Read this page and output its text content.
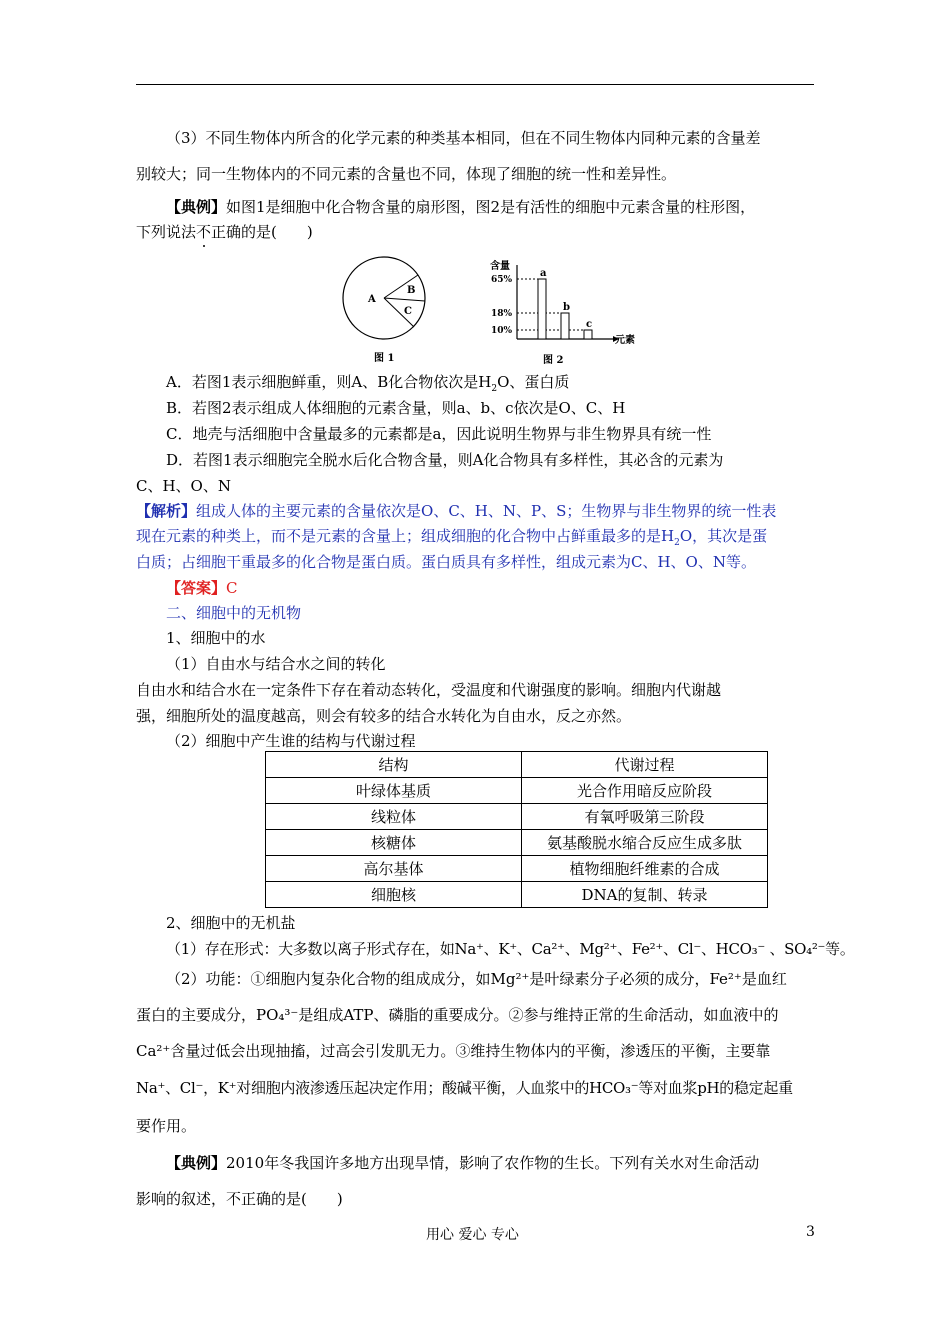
（3）不同生物体内所含的化学元素的种类基本相同，但在不同生物体内同种元素的含量差
别较大；同一生物体内的不同元素的含量也不同，体现了细胞的统一性和差异性。
【典例】如图1是细胞中化合物含量的扇形图，图2是有活性的细胞中元素含量的柱形图，
下列说法不正确的是(　　)
A
B
C
图 1
含量
元素
65%
18%
10%
a
b
c
图 2
A．若图1表示细胞鲜重，则A、B化合物依次是$H_2O$、蛋白质
B．若图2表示组成人体细胞的元素含量，则a、b、c依次是O、C、H
C．地壳与活细胞中含量最多的元素都是a，因此说明生物界与非生物界具有统一性
D．若图1表示细胞完全脱水后化合物含量，则A化合物具有多样性，其必含的元素为
C、H、O、N
【解析】组成人体的主要元素的含量依次是O、C、H、N、P、S；生物界与非生物界的统一性表
现在元素的种类上，而不是元素的含量上；组成细胞的化合物中占鲜重最多的是$H_2O$，其次是蛋
白质；占细胞干重最多的化合物是蛋白质。蛋白质具有多样性，组成元素为C、H、O、N等。
【答案】C
二、细胞中的无机物
1、细胞中的水
（1）自由水与结合水之间的转化
自由水和结合水在一定条件下存在着动态转化，受温度和代谢强度的影响。细胞内代谢越
强，细胞所处的温度越高，则会有较多的结合水转化为自由水，反之亦然。
（2）细胞中产生谁的结构与代谢过程
结构	代谢过程
叶绿体基质	光合作用暗反应阶段
线粒体	有氧呼吸第三阶段
核糖体	氨基酸脱水缩合反应生成多肽
高尔基体	植物细胞纤维素的合成
细胞核	DNA的复制、转录
2、细胞中的无机盐
（1）存在形式：大多数以离子形式存在，如Na⁺、K⁺、Ca²⁺、Mg²⁺、Fe²⁺、Cl⁻、HCO₃⁻ 、SO₄²⁻等。
（2）功能：①细胞内复杂化合物的组成成分，如Mg²⁺是叶绿素分子必须的成分，Fe²⁺是血红
蛋白的主要成分，PO₄³⁻是组成ATP、磷脂的重要成分。②参与维持正常的生命活动，如血液中的
Ca²⁺含量过低会出现抽搐，过高会引发肌无力。③维持生物体内的平衡，渗透压的平衡，主要靠
Na⁺、Cl⁻，K⁺对细胞内液渗透压起决定作用；酸碱平衡，人血浆中的HCO₃⁻等对血浆pH的稳定起重
要作用。
【典例】2010年冬我国许多地方出现旱情，影响了农作物的生长。下列有关水对生命活动
影响的叙述，不正确的是(　　)
用心 爱心 专心	3
